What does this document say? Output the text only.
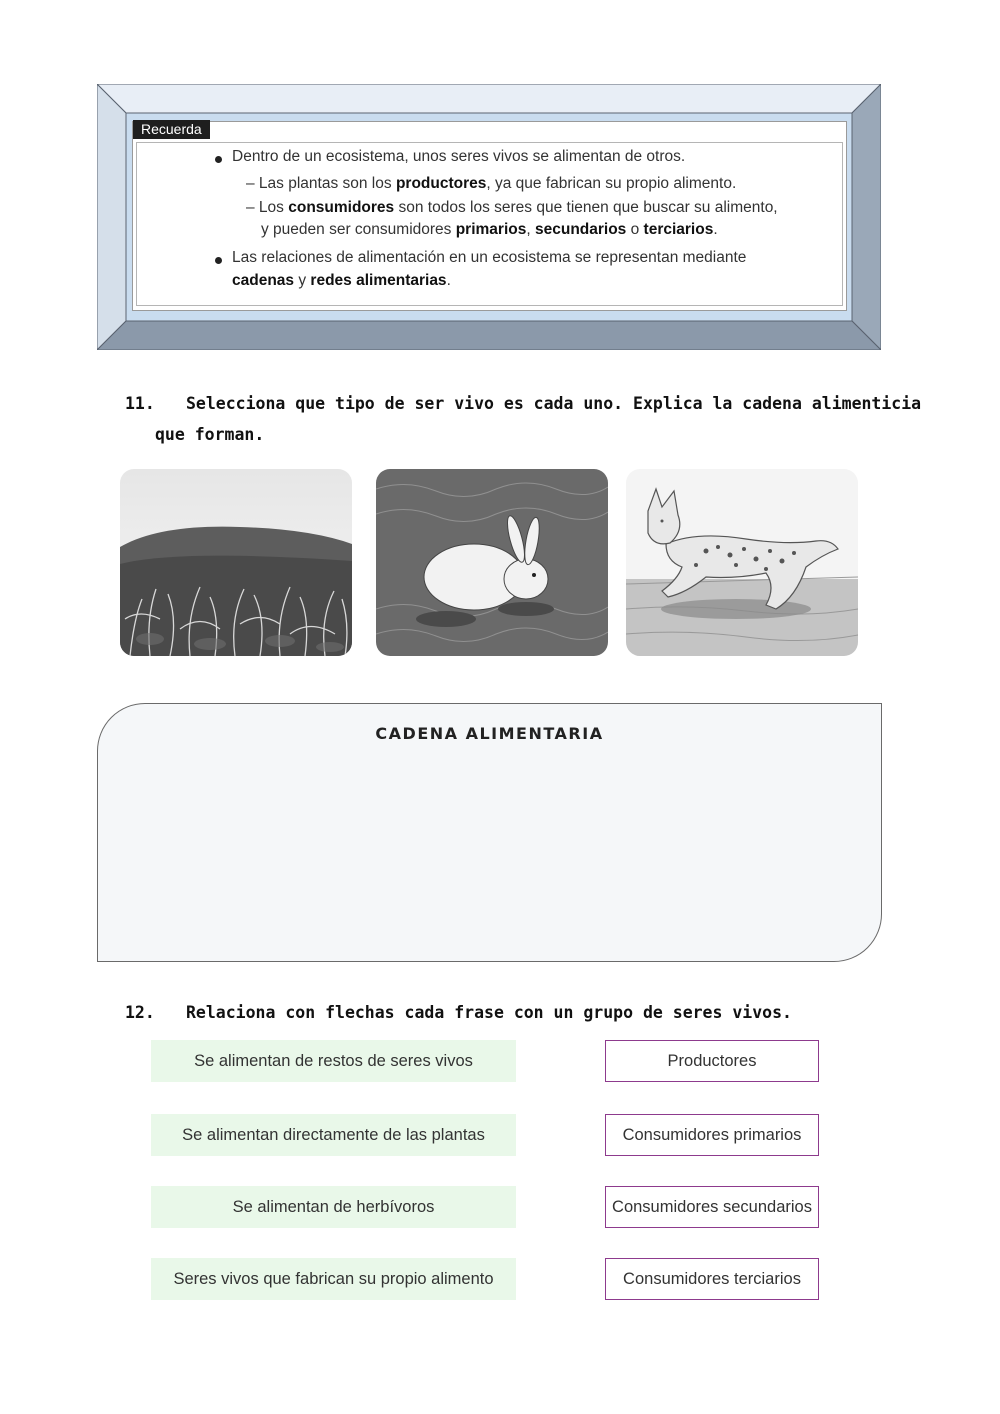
Recuerda
Dentro de un ecosistema, unos seres vivos se alimentan de otros.
– Las plantas son los productores, ya que fabrican su propio alimento.
– Los consumidores son todos los seres que tienen que buscar su alimento,
y pueden ser consumidores primarios, secundarios o terciarios.
Las relaciones de alimentación en un ecosistema se representan mediante
cadenas y redes alimentarias.
11. Selecciona que tipo de ser vivo es cada uno. Explica la cadena alimenticia
que forman.
CADENA ALIMENTARIA
12. Relaciona con flechas cada frase con un grupo de seres vivos.
Se alimentan de restos de seres vivos
Se alimentan directamente de las plantas
Se alimentan de herbívoros
Seres vivos que fabrican su propio alimento
Productores
Consumidores primarios
Consumidores secundarios
Consumidores terciarios
